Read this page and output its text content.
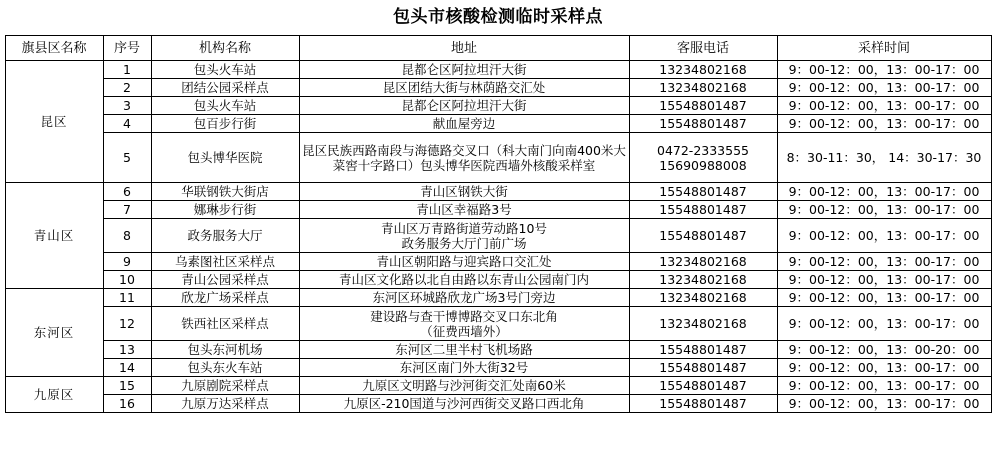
包头市核酸检测临时采样点
旗县区名称	序号	机构名称	地址	客服电话	采样时间
昆区	1	包头火车站	昆都仑区阿拉坦汗大街	13234802168	9：00-12：00，13：00-17：00
	2	团结公园采样点	昆区团结大街与林荫路交汇处	13234802168	9：00-12：00，13：00-17：00
	3	包头火车站	昆都仑区阿拉坦汗大街	15548801487	9：00-12：00，13：00-17：00
	4	包百步行街	献血屋旁边	15548801487	9：00-12：00，13：00-17：00
	5	包头博华医院	昆区民族西路南段与海德路交叉口（科大南门向南400米大菜窖十字路口）包头博华医院西墙外核酸采样室	0472-2333555
15690988008	8：30-11：30， 14：30-17：30
青山区	6	华联钢铁大街店	青山区钢铁大街	15548801487	9：00-12：00，13：00-17：00
	7	娜琳步行街	青山区幸福路3号	15548801487	9：00-12：00，13：00-17：00
	8	政务服务大厅	青山区万青路街道劳动路10号
政务服务大厅门前广场	15548801487	9：00-12：00，13：00-17：00
	9	乌素图社区采样点	青山区朝阳路与迎宾路口交汇处	13234802168	9：00-12：00，13：00-17：00
	10	青山公园采样点	青山区文化路以北自由路以东青山公园南门内	13234802168	9：00-12：00，13：00-17：00
东河区	11	欣龙广场采样点	东河区环城路欣龙广场3号门旁边	13234802168	9：00-12：00，13：00-17：00
	12	铁西社区采样点	建设路与查干博博路交叉口东北角
（征费西墙外）	13234802168	9：00-12：00，13：00-17：00
	13	包头东河机场	东河区二里半村飞机场路	15548801487	9：00-12：00，13：00-20：00
	14	包头东火车站	东河区南门外大街32号	15548801487	9：00-12：00，13：00-17：00
九原区	15	九原剧院采样点	九原区文明路与沙河街交汇处南60米	15548801487	9：00-12：00，13：00-17：00
	16	九原万达采样点	九原区-210国道与沙河西街交叉路口西北角	15548801487	9：00-12：00，13：00-17：00
